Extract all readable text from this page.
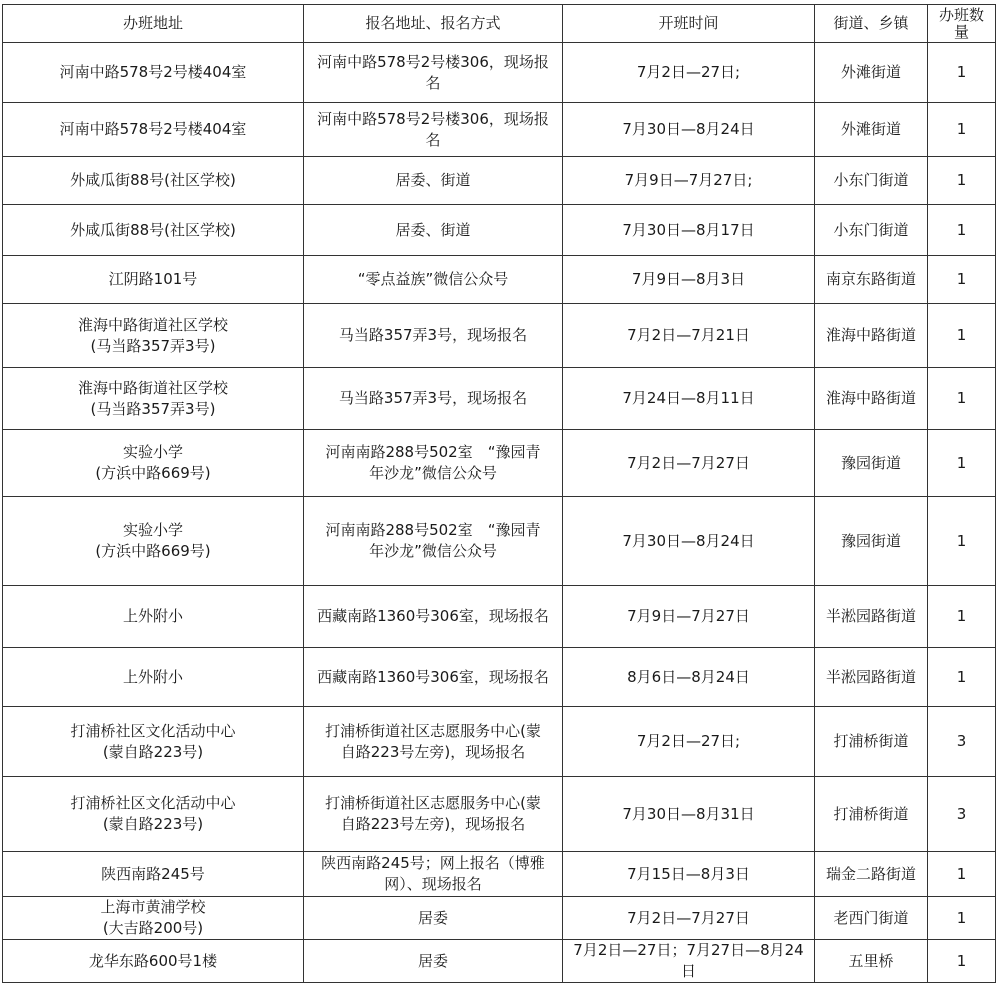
办班地址	报名地址、报名方式	开班时间	街道、乡镇	办班数量

河南中路578号2号楼404室	河南中路578号2号楼306，现场报
名	7月2日—27日;	外滩街道	1

河南中路578号2号楼404室	河南中路578号2号楼306，现场报
名	7月30日—8月24日	外滩街道	1

外咸瓜街88号(社区学校)	居委、街道	7月9日—7月27日;	小东门街道	1

外咸瓜街88号(社区学校)	居委、街道	7月30日—8月17日	小东门街道	1

江阴路101号	“零点益族”微信公众号	7月9日—8月3日	南京东路街道	1

淮海中路街道社区学校
(马当路357弄3号)	马当路357弄3号，现场报名	7月2日—7月21日	淮海中路街道	1

淮海中路街道社区学校
(马当路357弄3号)	马当路357弄3号，现场报名	7月24日—8月11日	淮海中路街道	1

实验小学
(方浜中路669号)	河南南路288号502室　“豫园青
年沙龙”微信公众号	7月2日—7月27日	豫园街道	1

实验小学
(方浜中路669号)	河南南路288号502室　“豫园青
年沙龙”微信公众号	7月30日—8月24日	豫园街道	1

上外附小	西藏南路1360号306室，现场报名	7月9日—7月27日	半淞园路街道	1

上外附小	西藏南路1360号306室，现场报名	8月6日—8月24日	半淞园路街道	1

打浦桥社区文化活动中心
(蒙自路223号)	打浦桥街道社区志愿服务中心(蒙
自路223号左旁)，现场报名	7月2日—27日;	打浦桥街道	3

打浦桥社区文化活动中心
(蒙自路223号)	打浦桥街道社区志愿服务中心(蒙
自路223号左旁)，现场报名	7月30日—8月31日	打浦桥街道	3

陕西南路245号	陕西南路245号；网上报名（博雅
网）、现场报名	7月15日—8月3日	瑞金二路街道	1

上海市黄浦学校
(大吉路200号)	居委	7月2日—7月27日	老西门街道	1

龙华东路600号1楼	居委	7月2日—27日；7月27日—8月24
日	五里桥	1
